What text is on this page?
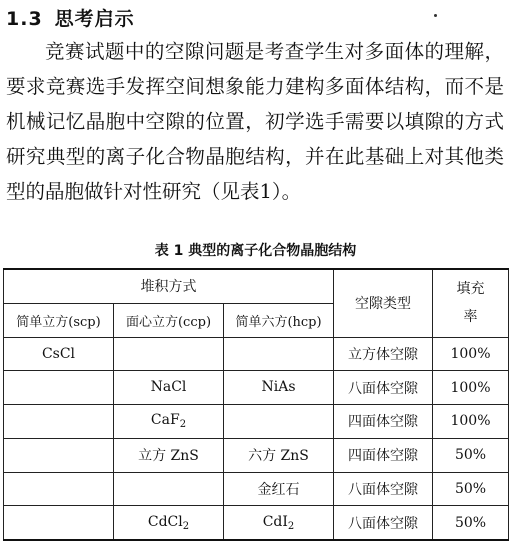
1.3 思考启示

竞赛试题中的空隙问题是考查学生对多面体的理解，要求竞赛选手发挥空间想象能力建构多面体结构，而不是机械记忆晶胞中空隙的位置，初学选手需要以填隙的方式研究典型的离子化合物晶胞结构，并在此基础上对其他类型的晶胞做针对性研究（见表1）。

表 1 典型的离子化合物晶胞结构

堆积方式			空隙类型	填充率
简单立方(scp)	面心立方(ccp)	简单六方(hcp)		
CsCl			立方体空隙	100%
	NaCl	NiAs	八面体空隙	100%
	CaF$_2$		四面体空隙	100%
	立方 ZnS	六方 ZnS	四面体空隙	50%
		金红石	八面体空隙	50%
	CdCl$_2$	CdI$_2$	八面体空隙	50%
